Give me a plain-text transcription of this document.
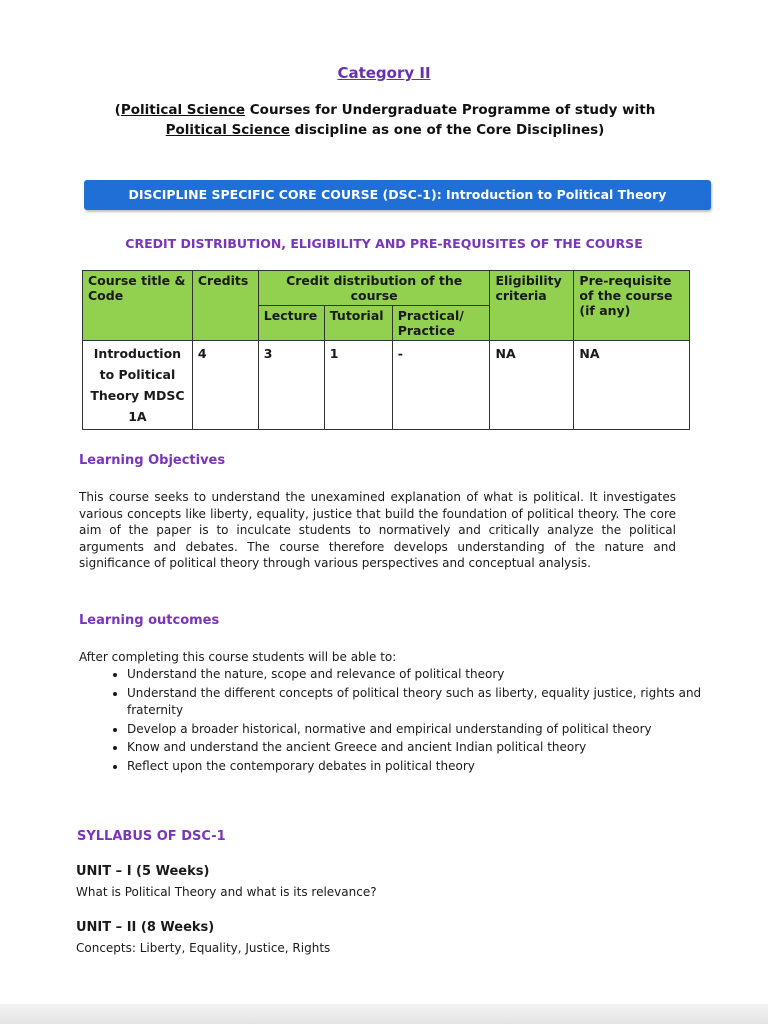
Category II
(Political Science Courses for Undergraduate Programme of study with
Political Science discipline as one of the Core Disciplines)
DISCIPLINE SPECIFIC CORE COURSE (DSC-1): Introduction to Political Theory
CREDIT DISTRIBUTION, ELIGIBILITY AND PRE-REQUISITES OF THE COURSE
Course title & Code	Credits	Credit distribution of the course			Eligibility criteria	Pre-requisite of the course (if any)
		Lecture	Tutorial	Practical/ Practice		
Introduction to Political Theory MDSC 1A	4	3	1	-	NA	NA
Learning Objectives
This course seeks to understand the unexamined explanation of what is political. It investigates various concepts like liberty, equality, justice that build the foundation of political theory. The core aim of the paper is to inculcate students to normatively and critically analyze the political arguments and debates. The course therefore develops understanding of the nature and significance of political theory through various perspectives and conceptual analysis.
Learning outcomes
After completing this course students will be able to:
• Understand the nature, scope and relevance of political theory
• Understand the different concepts of political theory such as liberty, equality justice, rights and fraternity
• Develop a broader historical, normative and empirical understanding of political theory
• Know and understand the ancient Greece and ancient Indian political theory
• Reflect upon the contemporary debates in political theory
SYLLABUS OF DSC-1
UNIT – I (5 Weeks)
What is Political Theory and what is its relevance?
UNIT – II (8 Weeks)
Concepts: Liberty, Equality, Justice, Rights
